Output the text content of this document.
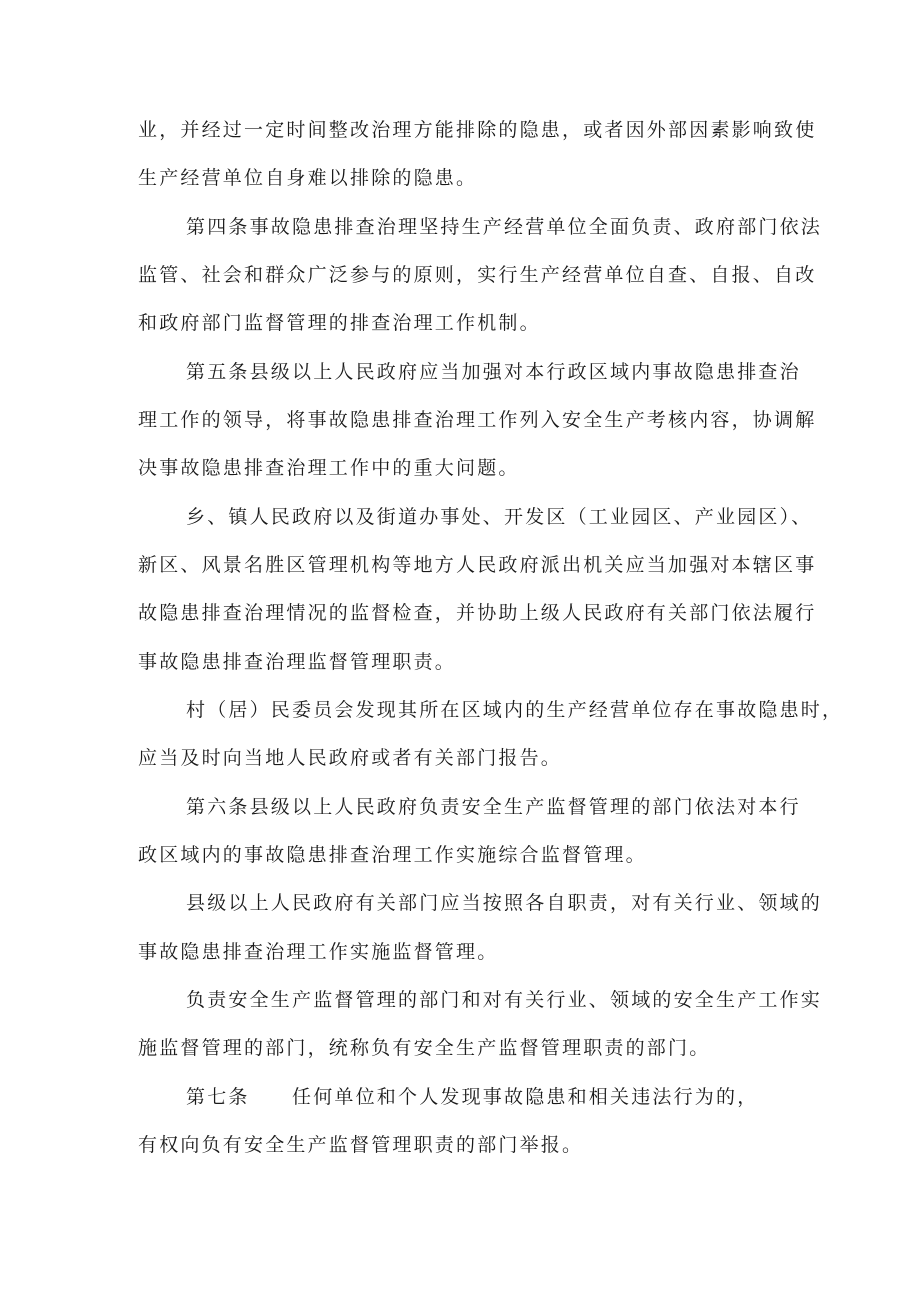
业，并经过一定时间整改治理方能排除的隐患，或者因外部因素影响致使
生产经营单位自身难以排除的隐患。
第四条事故隐患排查治理坚持生产经营单位全面负责、政府部门依法
监管、社会和群众广泛参与的原则，实行生产经营单位自查、自报、自改
和政府部门监督管理的排查治理工作机制。
第五条县级以上人民政府应当加强对本行政区域内事故隐患排查治
理工作的领导，将事故隐患排查治理工作列入安全生产考核内容，协调解
决事故隐患排查治理工作中的重大问题。
乡、镇人民政府以及街道办事处、开发区（工业园区、产业园区）、
新区、风景名胜区管理机构等地方人民政府派出机关应当加强对本辖区事
故隐患排查治理情况的监督检查，并协助上级人民政府有关部门依法履行
事故隐患排查治理监督管理职责。
村（居）民委员会发现其所在区域内的生产经营单位存在事故隐患时，
应当及时向当地人民政府或者有关部门报告。
第六条县级以上人民政府负责安全生产监督管理的部门依法对本行
政区域内的事故隐患排查治理工作实施综合监督管理。
县级以上人民政府有关部门应当按照各自职责，对有关行业、领域的
事故隐患排查治理工作实施监督管理。
负责安全生产监督管理的部门和对有关行业、领域的安全生产工作实
施监督管理的部门，统称负有安全生产监督管理职责的部门。
第七条　　任何单位和个人发现事故隐患和相关违法行为的，
有权向负有安全生产监督管理职责的部门举报。
